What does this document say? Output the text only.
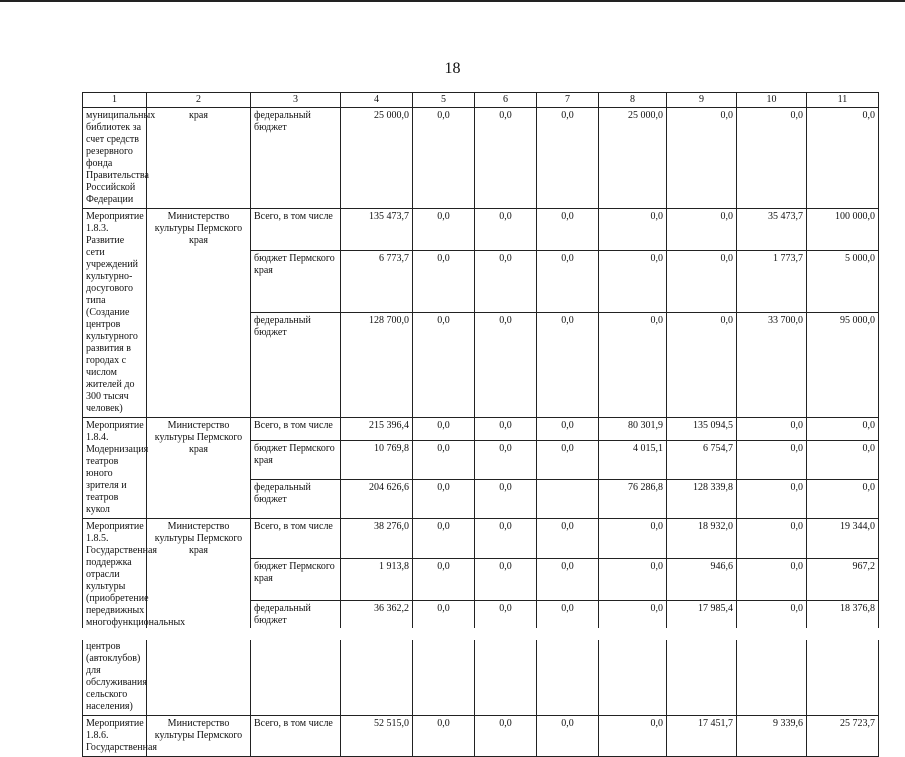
18
1	2	3	4	5	6	7	8	9	10	11
муниципальных библиотек за счет средств резервного фонда Правительства Российской Федерации	края	федеральный бюджет	25 000,0	0,0	0,0	0,0	25 000,0	0,0	0,0	0,0
Мероприятие 1.8.3. Развитие сети учреждений культурно-досугового типа (Создание центров культурного развития в городах с числом жителей до 300 тысяч человек)	Министерство культуры Пермского края	Всего, в том числе	135 473,7	0,0	0,0	0,0	0,0	0,0	35 473,7	100 000,0
		бюджет Пермского края	6 773,7	0,0	0,0	0,0	0,0	0,0	1 773,7	5 000,0
		федеральный бюджет	128 700,0	0,0	0,0	0,0	0,0	0,0	33 700,0	95 000,0
Мероприятие 1.8.4. Модернизация театров юного зрителя и театров кукол	Министерство культуры Пермского края	Всего, в том числе	215 396,4	0,0	0,0	0,0	80 301,9	135 094,5	0,0	0,0
		бюджет Пермского края	10 769,8	0,0	0,0	0,0	4 015,1	6 754,7	0,0	0,0
		федеральный бюджет	204 626,6	0,0	0,0		76 286,8	128 339,8	0,0	0,0
Мероприятие 1.8.5. Государственная поддержка отрасли культуры (приобретение передвижных многофункциональных центров (автоклубов) для обслуживания сельского населения)	Министерство культуры Пермского края	Всего, в том числе	38 276,0	0,0	0,0	0,0	0,0	18 932,0	0,0	19 344,0
		бюджет Пермского края	1 913,8	0,0	0,0	0,0	0,0	946,6	0,0	967,2
		федеральный бюджет	36 362,2	0,0	0,0	0,0	0,0	17 985,4	0,0	18 376,8
Мероприятие 1.8.6. Государственная	Министерство культуры Пермского	Всего, в том числе	52 515,0	0,0	0,0	0,0	0,0	17 451,7	9 339,6	25 723,7
